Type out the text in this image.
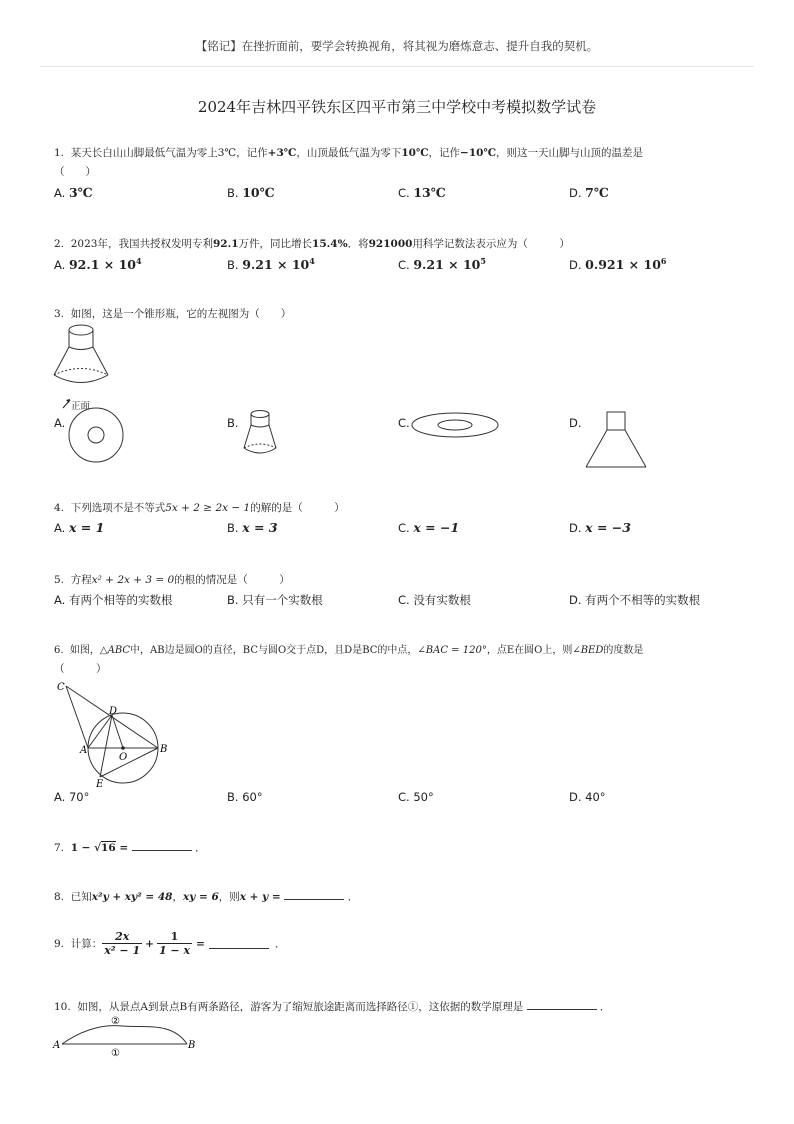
【铭记】在挫折面前，要学会转换视角，将其视为磨炼意志、提升自我的契机。
2024年吉林四平铁东区四平市第三中学校中考模拟数学试卷
1. 某天长白山山脚最低气温为零上3℃，记作+3℃，山顶最低气温为零下10℃，记作−10℃，则这一天山脚与山顶的温差是
（　　）
A. 3℃	B. 10℃	C. 13℃	D. 7℃
2. 2023年，我国共授权发明专利92.1万件，同比增长15.4%．将921000用科学记数法表示应为（　　　）
A. $92.1 \times 10^4$	B. $9.21 \times 10^4$	C. $9.21 \times 10^5$	D. $0.921 \times 10^6$
3. 如图，这是一个锥形瓶，它的左视图为（　　）
正面
A.	B.	C.	D.
4. 下列选项不是不等式5x + 2 ≥ 2x − 1的解的是（　　　）
A. x = 1	B. x = 3	C. x = −1	D. x = −3
5. 方程x² + 2x + 3 = 0的根的情况是（　　　）
A. 有两个相等的实数根	B. 只有一个实数根	C. 没有实数根	D. 有两个不相等的实数根
6. 如图，△ABC中，AB边是圆O的直径，BC与圆O交于点D，且D是BC的中点，∠BAC = 120°，点E在圆O上，则∠BED的度数是
（　　　）
C
D
A
O
B
E
A. 70°	B. 60°	C. 50°	D. 40°
7. 1 − √16 =	．
8. 已知x²y + xy² = 48，xy = 6，则x + y =	．
9.
计算： $\frac{2x}{\text{x² − 1}} + \frac{1}{1 - x}$ =	．
10. 如图，从景点A到景点B有两条路径，游客为了缩短旅途距离而选择路径①，这依据的数学原理是	．
A	B
②
①
